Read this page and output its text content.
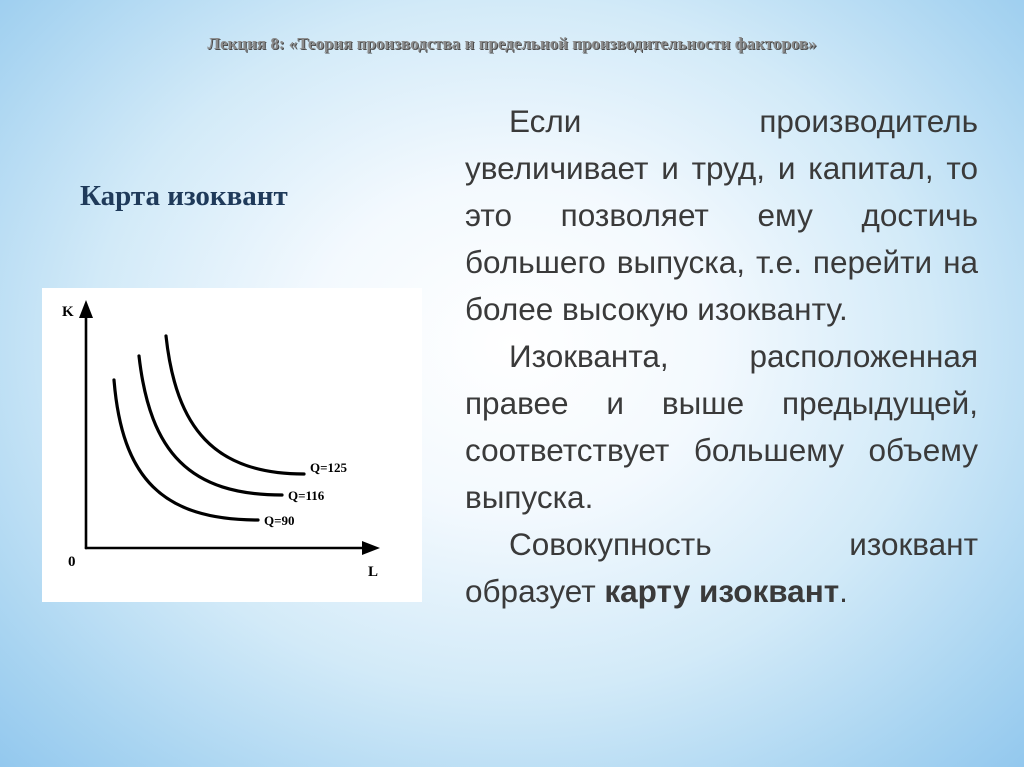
Лекция 8: «Теория производства и предельной производительности факторов»
Карта изоквант
K
L
0
Q=90
Q=116
Q=125

Если производитель увеличивает и труд, и капитал, то это позволяет ему достичь большего выпуска, т.е. перейти на более высокую изокванту.

Изокванта, расположенная правее и выше предыдущей, соответствует большему объему выпуска.

Совокупность изоквант образует карту изоквант.
